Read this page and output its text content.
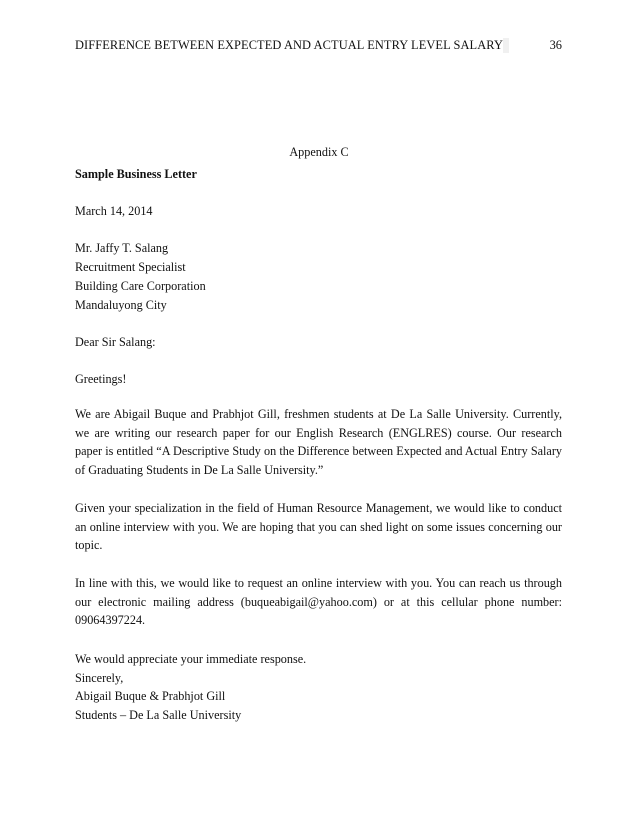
DIFFERENCE BETWEEN EXPECTED AND ACTUAL ENTRY LEVEL SALARY	36
Appendix C
Sample Business Letter
March 14, 2014
Mr. Jaffy T. Salang
Recruitment Specialist
Building Care Corporation
Mandaluyong City
Dear Sir Salang:
Greetings!
We are Abigail Buque and Prabhjot Gill, freshmen students at De La Salle University. Currently, we are writing our research paper for our English Research (ENGLRES) course. Our research paper is entitled “A Descriptive Study on the Difference between Expected and Actual Entry Salary of Graduating Students in De La Salle University.”
Given your specialization in the field of Human Resource Management, we would like to conduct an online interview with you. We are hoping that you can shed light on some issues concerning our topic.
In line with this, we would like to request an online interview with you. You can reach us through our electronic mailing address (buqueabigail@yahoo.com) or at this cellular phone number: 09064397224.
We would appreciate your immediate response.
Sincerely,
Abigail Buque & Prabhjot Gill
Students – De La Salle University
